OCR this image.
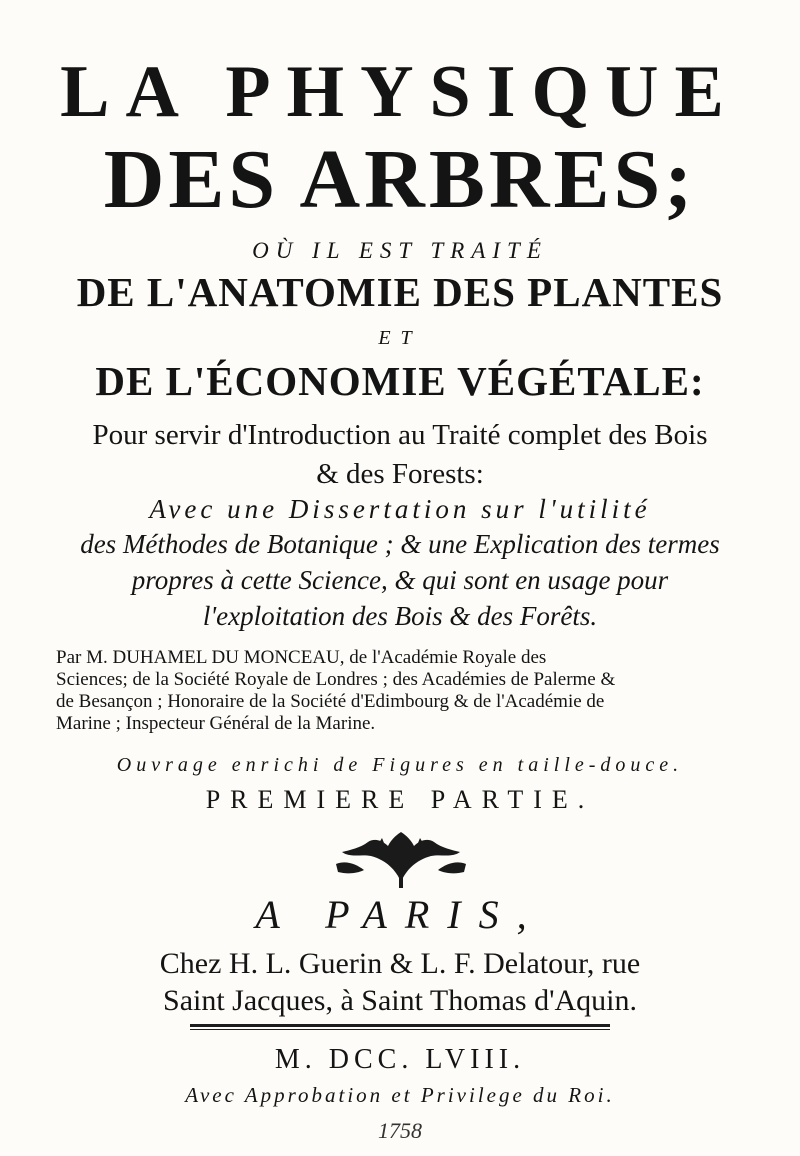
LA PHYSIQUE
DES ARBRES;
OÙ IL EST TRAITÉ
DE L'ANATOMIE DES PLANTES
ET
DE L'ÉCONOMIE VÉGÉTALE:
Pour servir d'Introduction au Traité complet des Bois
& des Forests:
Avec une Dissertation sur l'utilité
des Méthodes de Botanique ; & une Explication des termes
propres à cette Science, & qui sont en usage pour
l'exploitation des Bois & des Forêts.
Par M. DUHAMEL DU MONCEAU, de l'Académie Royale des
Sciences; de la Société Royale de Londres ; des Académies de Palerme &
de Besançon ; Honoraire de la Société d'Edimbourg & de l'Académie de
Marine ; Inspecteur Général de la Marine.
Ouvrage enrichi de Figures en taille-douce.
PREMIERE PARTIE.
A PARIS,
Chez H. L. Guerin & L. F. Delatour, rue
Saint Jacques, à Saint Thomas d'Aquin.
M. DCC. LVIII.
Avec Approbation et Privilege du Roi.
1758
